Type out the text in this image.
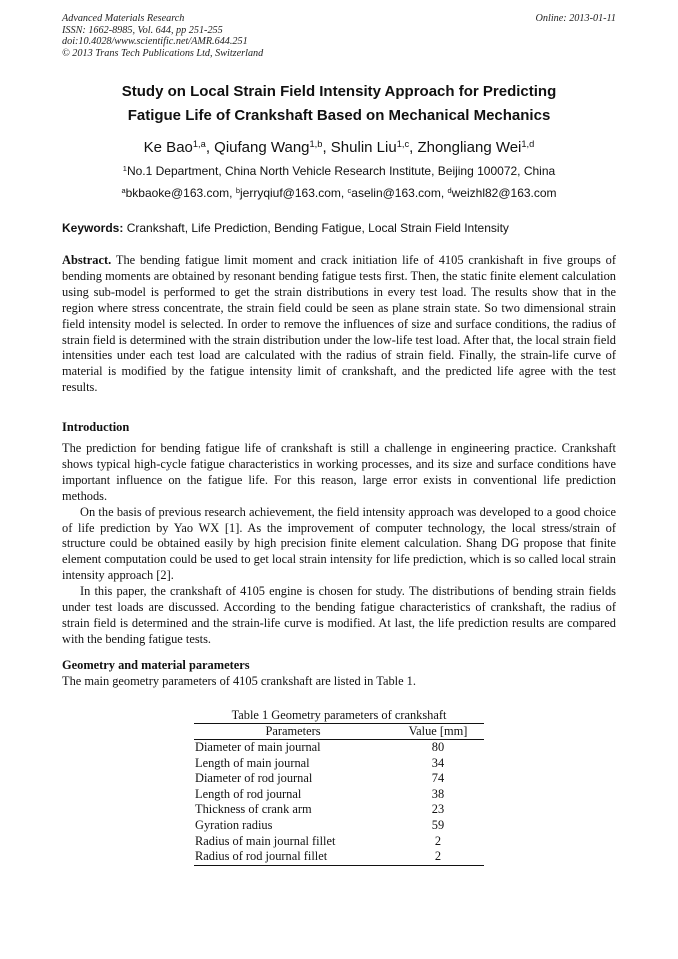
Advanced Materials Research
ISSN: 1662-8985, Vol. 644, pp 251-255
doi:10.4028/www.scientific.net/AMR.644.251
© 2013 Trans Tech Publications Ltd, Switzerland
Online: 2013-01-11
Study on Local Strain Field Intensity Approach for Predicting
Fatigue Life of Crankshaft Based on Mechanical Mechanics
Ke Bao$^{1,a}$, Qiufang Wang$^{1,b}$, Shulin Liu$^{1,c}$, Zhongliang Wei$^{1,d}$
$^1$No.1 Department, China North Vehicle Research Institute, Beijing 100072, China
$^a$bkbaoke@163.com, $^b$jerryqiuf@163.com, $^c$aselin@163.com, $^d$weizhl82@163.com
Keywords: Crankshaft, Life Prediction, Bending Fatigue, Local Strain Field Intensity
Abstract. The bending fatigue limit moment and crack initiation life of 4105 crankishaft in five groups of bending moments are obtained by resonant bending fatigue tests first. Then, the static finite element calculation using sub-model is performed to get the strain distributions in every test load. The results show that in the region where stress concentrate, the strain field could be seen as plane strain state. So two dimensional strain field intensity model is selected. In order to remove the influences of size and surface conditions, the radius of strain field is determined with the strain distribution under the low-life test load. After that, the local strain field intensities under each test load are calculated with the radius of strain field. Finally, the strain-life curve of material is modified by the fatigue intensity limit of crankshaft, and the predicted life agree with the test results.
Introduction

The prediction for bending fatigue life of crankshaft is still a challenge in engineering practice. Crankshaft shows typical high-cycle fatigue characteristics in working processes, and its size and surface conditions have important influence on the fatigue life. For this reason, large error exists in conventional life prediction methods.

On the basis of previous research achievement, the field intensity approach was developed to a good choice of life prediction by Yao WX [1]. As the improvement of computer technology, the local stress/strain of structure could be obtained easily by high precision finite element calculation. Shang DG propose that finite element computation could be used to get local strain intensity for life prediction, which is so called local strain intensity approach [2].

In this paper, the crankshaft of 4105 engine is chosen for study. The distributions of bending strain fields under test loads are discussed. According to the bending fatigue characteristics of crankshaft, the radius of strain field is determined and the strain-life curve is modified. At last, the life prediction results are compared with the bending fatigue tests.

Geometry and material parameters
The main geometry parameters of 4105 crankshaft are listed in Table 1.
Table 1 Geometry parameters of crankshaft
Parameters	Value [mm]
Diameter of main journal	80
Length of main journal	34
Diameter of rod journal	74
Length of rod journal	38
Thickness of crank arm	23
Gyration radius	59
Radius of main journal fillet	2
Radius of rod journal fillet	2
